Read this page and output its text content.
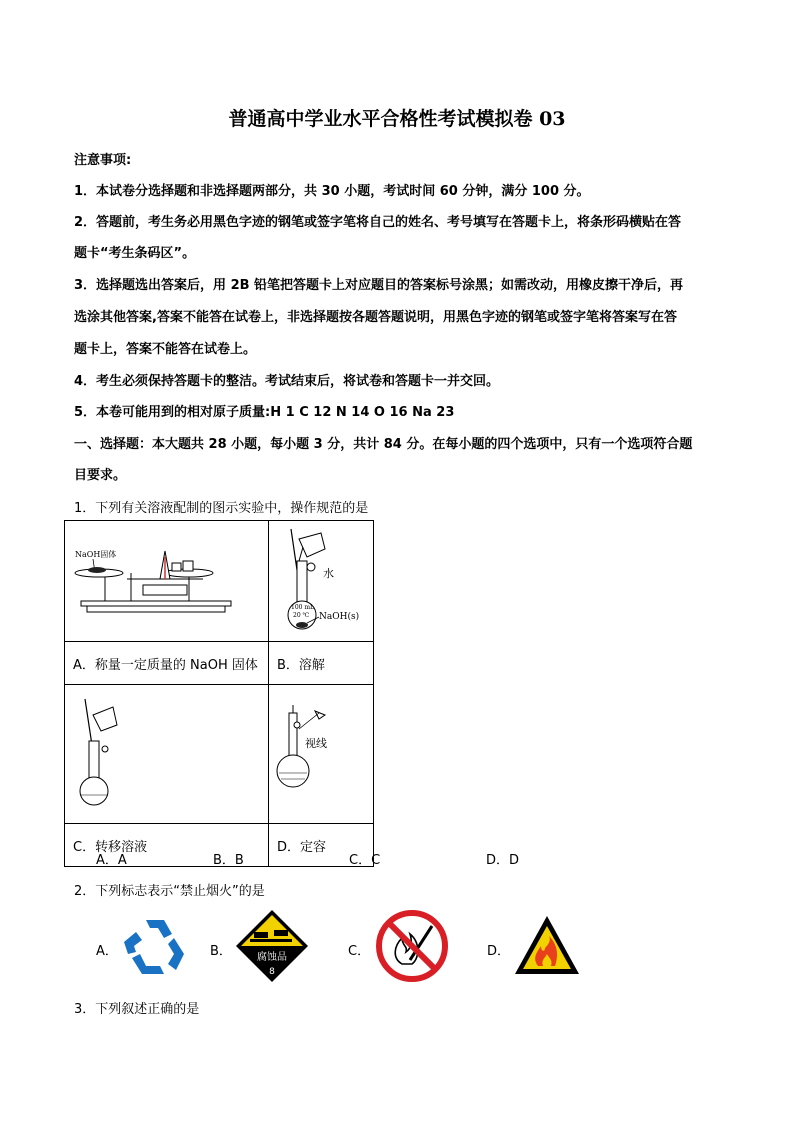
普通高中学业水平合格性考试模拟卷 03
注意事项:
1．本试卷分选择题和非选择题两部分，共 30 小题，考试时间 60 分钟，满分 100 分。
2．答题前，考生务必用黑色字迹的钢笔或签字笔将自己的姓名、考号填写在答题卡上，将条形码横贴在答
题卡“考生条码区”。
3．选择题选出答案后，用 2B 铅笔把答题卡上对应题目的答案标号涂黑；如需改动，用橡皮擦干净后，再
选涂其他答案,答案不能答在试卷上，非选择题按各题答题说明，用黑色字迹的钢笔或签字笔将答案写在答
题卡上，答案不能答在试卷上。
4．考生必须保持答题卡的整洁。考试结束后，将试卷和答题卡一并交回。
5．本卷可能用到的相对原子质量:H 1 C 12 N 14 O 16 Na 23
一、选择题：本大题共 28 小题，每小题 3 分，共计 84 分。在每小题的四个选项中，只有一个选项符合题
目要求。
1．下列有关溶液配制的图示实验中，操作规范的是
NaOH固体	水
100 mL
20 ℃ NaOH(s)

A．称量一定质量的 NaOH 固体	B．溶解

视线

C．转移溶液	D．定容
A．A	B．B	C．C	D．D
2．下列标志表示“禁止烟火”的是
A．	B．	腐蚀品
8
C．	D．
3．下列叙述正确的是
